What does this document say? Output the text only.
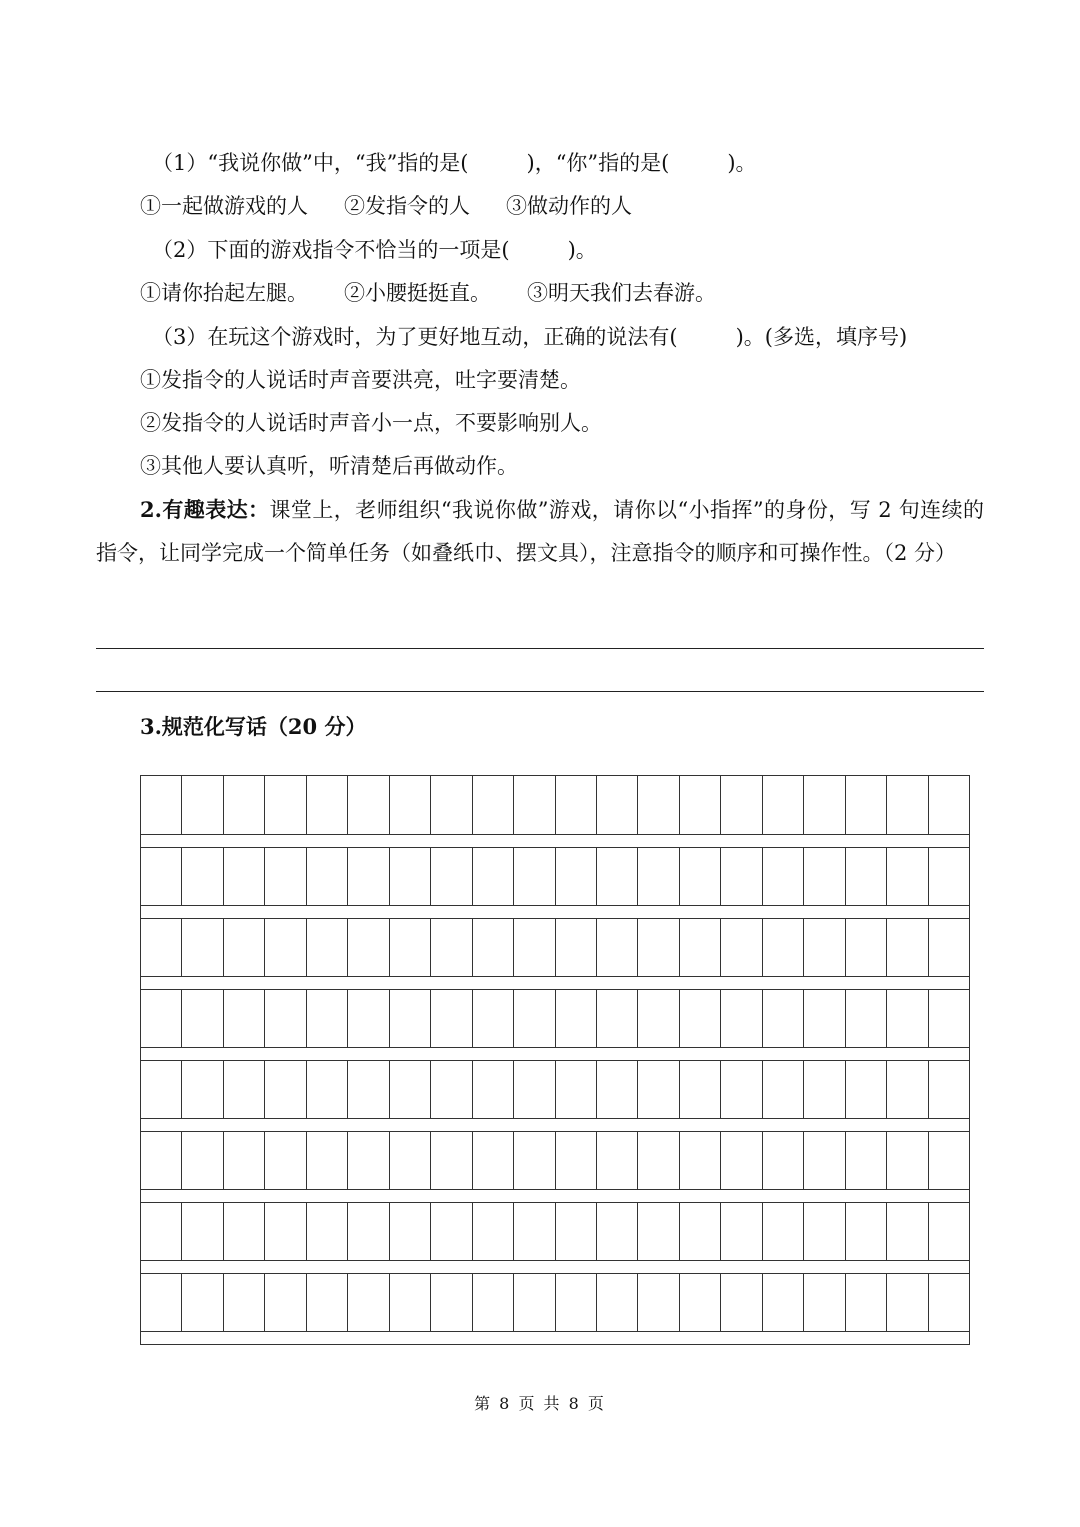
（1）“我说你做”中，“我”指的是(	)，“你”指的是(	)。
①一起做游戏的人 ②发指令的人 ③做动作的人
（2）下面的游戏指令不恰当的一项是(	)。
①请你抬起左腿。 ②小腰挺挺直。 ③明天我们去春游。
（3）在玩这个游戏时，为了更好地互动，正确的说法有(	)。(多选，填序号)
①发指令的人说话时声音要洪亮，吐字要清楚。
②发指令的人说话时声音小一点，不要影响别人。
③其他人要认真听，听清楚后再做动作。
2.有趣表达：课堂上，老师组织“我说你做”游戏，请你以“小指挥”的身份，写 2 句连续的指令，让同学完成一个简单任务（如叠纸巾、摆文具），注意指令的顺序和可操作性。（2 分）
3.规范化写话（20 分）
第 8 页 共 8 页
